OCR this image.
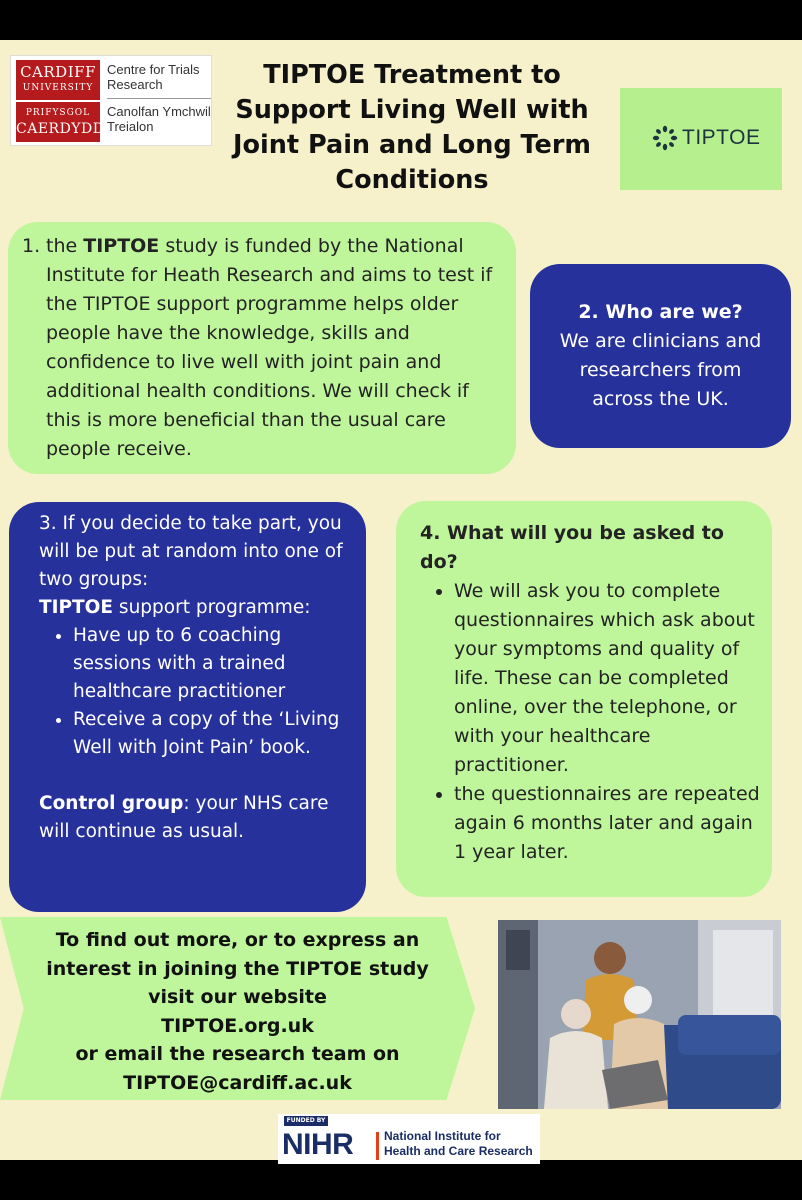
CARDIFF
UNIVERSITY
PRIFYSGOL
CAERDYDD
Centre for Trials Research
Canolfan Ymchwil Treialon
TIPTOE Treatment to Support Living Well with Joint Pain and Long Term Conditions
TIPTOE
1. the TIPTOE study is funded by the National Institute for Heath Research and aims to test if the TIPTOE support programme helps older people have the knowledge, skills and confidence to live well with joint pain and additional health conditions. We will check if this is more beneficial than the usual care people receive.
2. Who are we?
We are clinicians and researchers from across the UK.
3. If you decide to take part, you will be put at random into one of two groups:
TIPTOE support programme:
• Have up to 6 coaching sessions with a trained healthcare practitioner
• Receive a copy of the ‘Living Well with Joint Pain’ book.
Control group: your NHS care will continue as usual.
4. What will you be asked to do?
• We will ask you to complete questionnaires which ask about your symptoms and quality of life. These can be completed online, over the telephone, or with your healthcare practitioner.
• the questionnaires are repeated again 6 months later and again 1 year later.
To find out more, or to express an interest in joining the TIPTOE study visit our website
TIPTOE.org.uk
or email the research team on
TIPTOE@cardiff.ac.uk
FUNDED BY
NIHR	National Institute for
Health and Care Research
